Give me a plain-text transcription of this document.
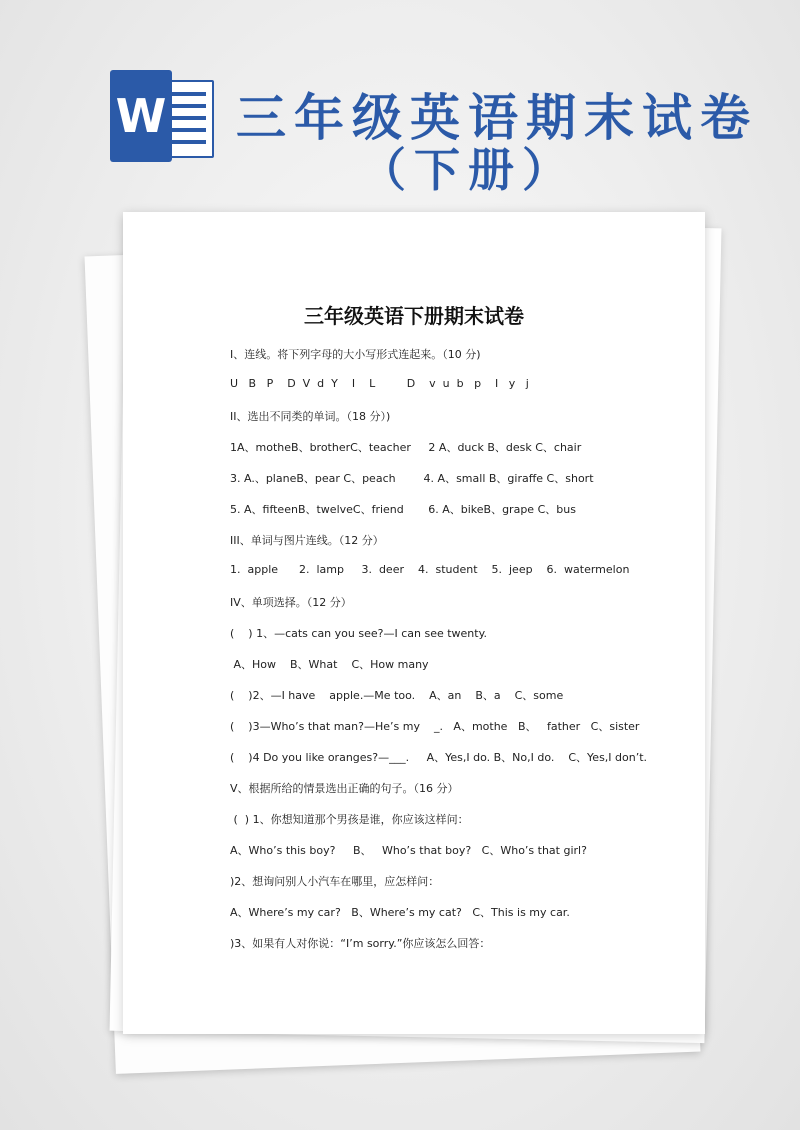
W 三年级英语期末试卷
（下册）
三年级英语下册期末试卷
I、连线。将下列字母的大小写形式连起来。（10 分)
U   B   P    D  V  d  Y    I    L         D    v  u  b   p    I   y   j
II、选出不同类的单词。（18 分）)
1A、motheB、brotherC、teacher     2 A、duck B、desk C、chair
3. A.、planeB、pear C、peach        4. A、small B、giraffe C、short
5. A、fifteenB、twelveC、friend       6. A、bikeB、grape C、bus
III、单词与图片连线。（12 分）
1.  apple      2.  lamp     3.  deer    4.  student    5.  jeep    6.  watermelon
IV、单项选择。（12 分）
(    ) 1、—cats can you see?—I can see twenty.
A、How    B、What    C、How many
(    )2、—I have    apple.—Me too.    A、an    B、a    C、some
(    )3—Who’s that man?—He’s my    _.   A、mothe   B、   father   C、sister
(    )4 Do you like oranges?—___.     A、Yes,I do. B、No,I do.    C、Yes,I don’t.
V、根据所给的情景选出正确的句子。（16 分）
(  ) 1、你想知道那个男孩是谁，你应该这样问：
A、Who’s this boy?     B、   Who’s that boy?   C、Who’s that girl?
)2、想询问别人小汽车在哪里，应怎样问：
A、Where’s my car?   B、Where’s my cat?   C、This is my car.
)3、如果有人对你说：“I’m sorry.”你应该怎么回答：
